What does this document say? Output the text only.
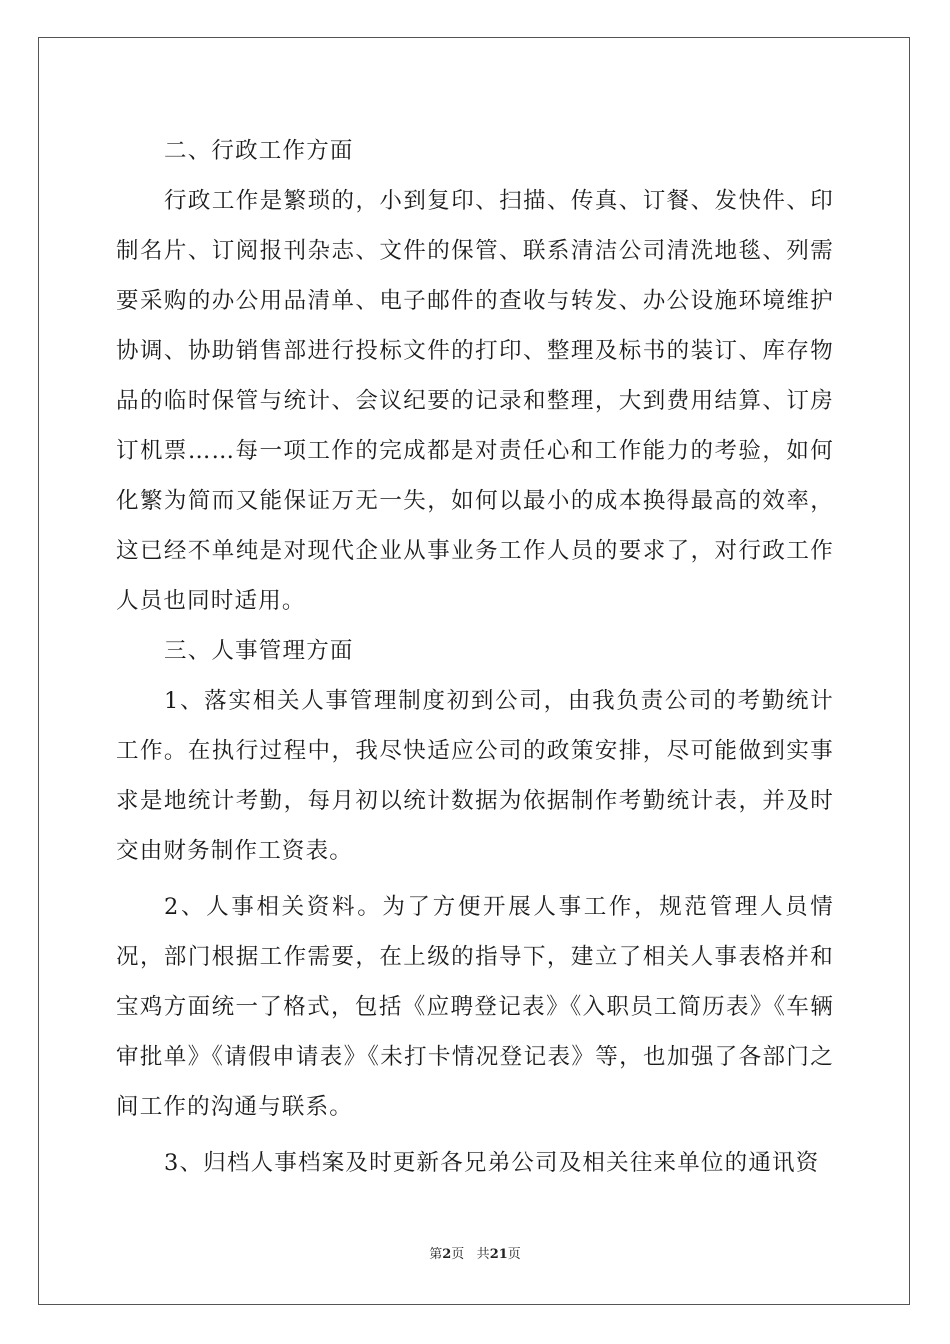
二、行政工作方面

行政工作是繁琐的，小到复印、扫描、传真、订餐、发快件、印制名片、订阅报刊杂志、文件的保管、联系清洁公司清洗地毯、列需要采购的办公用品清单、电子邮件的查收与转发、办公设施环境维护协调、协助销售部进行投标文件的打印、整理及标书的装订、库存物品的临时保管与统计、会议纪要的记录和整理，大到费用结算、订房订机票……每一项工作的完成都是对责任心和工作能力的考验，如何化繁为简而又能保证万无一失，如何以最小的成本换得最高的效率，这已经不单纯是对现代企业从事业务工作人员的要求了，对行政工作人员也同时适用。

三、人事管理方面

1、落实相关人事管理制度初到公司，由我负责公司的考勤统计工作。在执行过程中，我尽快适应公司的政策安排，尽可能做到实事求是地统计考勤，每月初以统计数据为依据制作考勤统计表，并及时交由财务制作工资表。

2、人事相关资料。为了方便开展人事工作，规范管理人员情况，部门根据工作需要，在上级的指导下，建立了相关人事表格并和宝鸡方面统一了格式，包括《应聘登记表》《入职员工简历表》《车辆审批单》《请假申请表》《未打卡情况登记表》等，也加强了各部门之间工作的沟通与联系。

3、归档人事档案及时更新各兄弟公司及相关往来单位的通讯资

第2页 共21页
